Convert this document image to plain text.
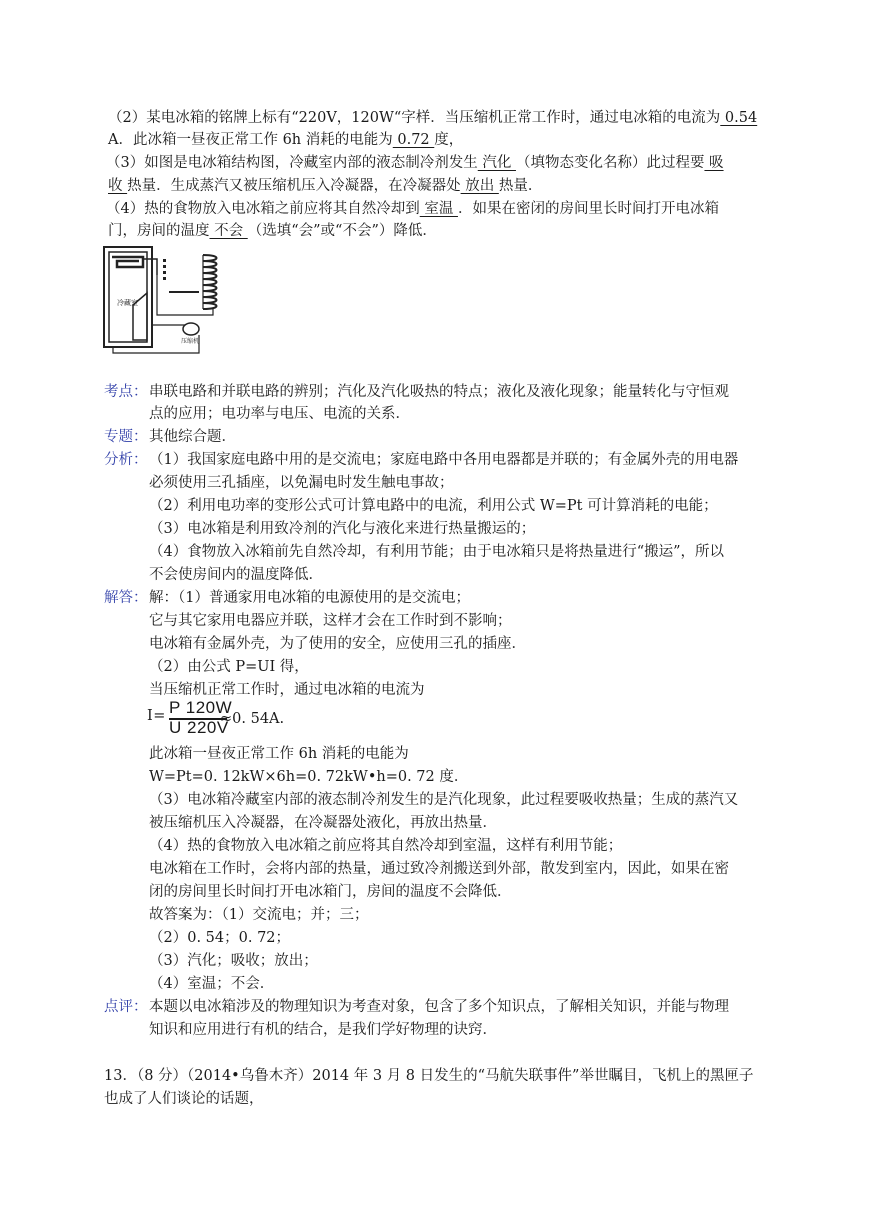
（2）某电冰箱的铭牌上标有“220V，120W“字样．当压缩机正常工作时，通过电冰箱的电流为 0.54
A．此冰箱一昼夜正常工作 6h 消耗的电能为 0.72 度，
（3）如图是电冰箱结构图，冷藏室内部的液态制冷剂发生 汽化 （填物态变化名称）此过程要 吸
收 热量．生成蒸汽又被压缩机压入冷凝器，在冷凝器处 放出 热量．
（4）热的食物放入电冰箱之前应将其自然冷却到 室温 ．如果在密闭的房间里长时间打开电冰箱
门，房间的温度 不会 （选填“会”或“不会”）降低．
冷藏室
压缩机
考点： 串联电路和并联电路的辨别；汽化及汽化吸热的特点；液化及液化现象；能量转化与守恒观
点的应用；电功率与电压、电流的关系．
专题： 其他综合题．
分析： （1）我国家庭电路中用的是交流电；家庭电路中各用电器都是并联的；有金属外壳的用电器
必须使用三孔插座，以免漏电时发生触电事故；
（2）利用电功率的变形公式可计算电路中的电流，利用公式 W=Pt 可计算消耗的电能；
（3）电冰箱是利用致冷剂的汽化与液化来进行热量搬运的；
（4）食物放入冰箱前先自然冷却，有利用节能；由于电冰箱只是将热量进行“搬运”，所以
不会使房间内的温度降低．
解答： 解：（1）普通家用电冰箱的电源使用的是交流电；
它与其它家用电器应并联，这样才会在工作时到不影响；
电冰箱有金属外壳，为了使用的安全，应使用三孔的插座．
（2）由公式 P=UI 得，
当压缩机正常工作时，通过电冰箱的电流为
I= P 120W
U 220V
≈0. 54A.
此冰箱一昼夜正常工作 6h 消耗的电能为
W=Pt=0. 12kW×6h=0. 72kW•h=0. 72 度．
（3）电冰箱冷藏室内部的液态制冷剂发生的是汽化现象，此过程要吸收热量；生成的蒸汽又
被压缩机压入冷凝器，在冷凝器处液化，再放出热量．
（4）热的食物放入电冰箱之前应将其自然冷却到室温，这样有利用节能；
电冰箱在工作时，会将内部的热量，通过致冷剂搬送到外部，散发到室内，因此，如果在密
闭的房间里长时间打开电冰箱门，房间的温度不会降低．
故答案为：（1）交流电；并；三；
（2）0. 54；0. 72；
（3）汽化；吸收；放出；
（4）室温；不会．
点评： 本题以电冰箱涉及的物理知识为考查对象，包含了多个知识点，了解相关知识，并能与物理
知识和应用进行有机的结合，是我们学好物理的诀窍．
13．（8 分）（2014•乌鲁木齐）2014 年 3 月 8 日发生的“马航失联事件”举世瞩目，飞机上的黑匣子
也成了人们谈论的话题，
